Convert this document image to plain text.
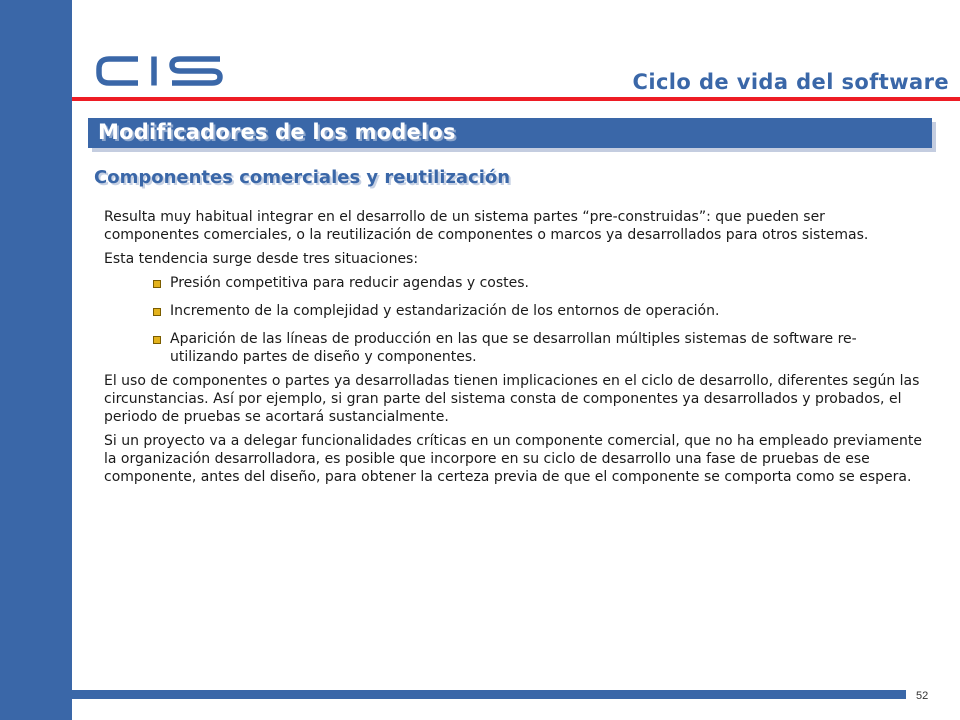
Ciclo de vida del software
Modificadores de los modelos
Componentes comerciales y reutilización

Resulta muy habitual integrar en el desarrollo de un sistema partes “pre-construidas”: que pueden ser componentes comerciales, o la reutilización de componentes o marcos ya desarrollados para otros sistemas.

Esta tendencia surge desde tres situaciones:

Presión competitiva para reducir agendas y costes.
Incremento de la complejidad y estandarización de los entornos de operación.
Aparición de las líneas de producción en las que se desarrollan múltiples sistemas de software re-utilizando partes de diseño y componentes.

El uso de componentes o partes ya desarrolladas tienen implicaciones en el ciclo de desarrollo, diferentes según las circunstancias. Así por ejemplo, si gran parte del sistema consta de componentes ya desarrollados y probados, el periodo de pruebas se acortará sustancialmente.

Si un proyecto va a delegar funcionalidades críticas en un componente comercial, que no ha empleado previamente la organización desarrolladora, es posible que incorpore en su ciclo de desarrollo una fase de pruebas de ese componente, antes del diseño, para obtener la certeza previa de que el componente se comporta como se espera.

52
